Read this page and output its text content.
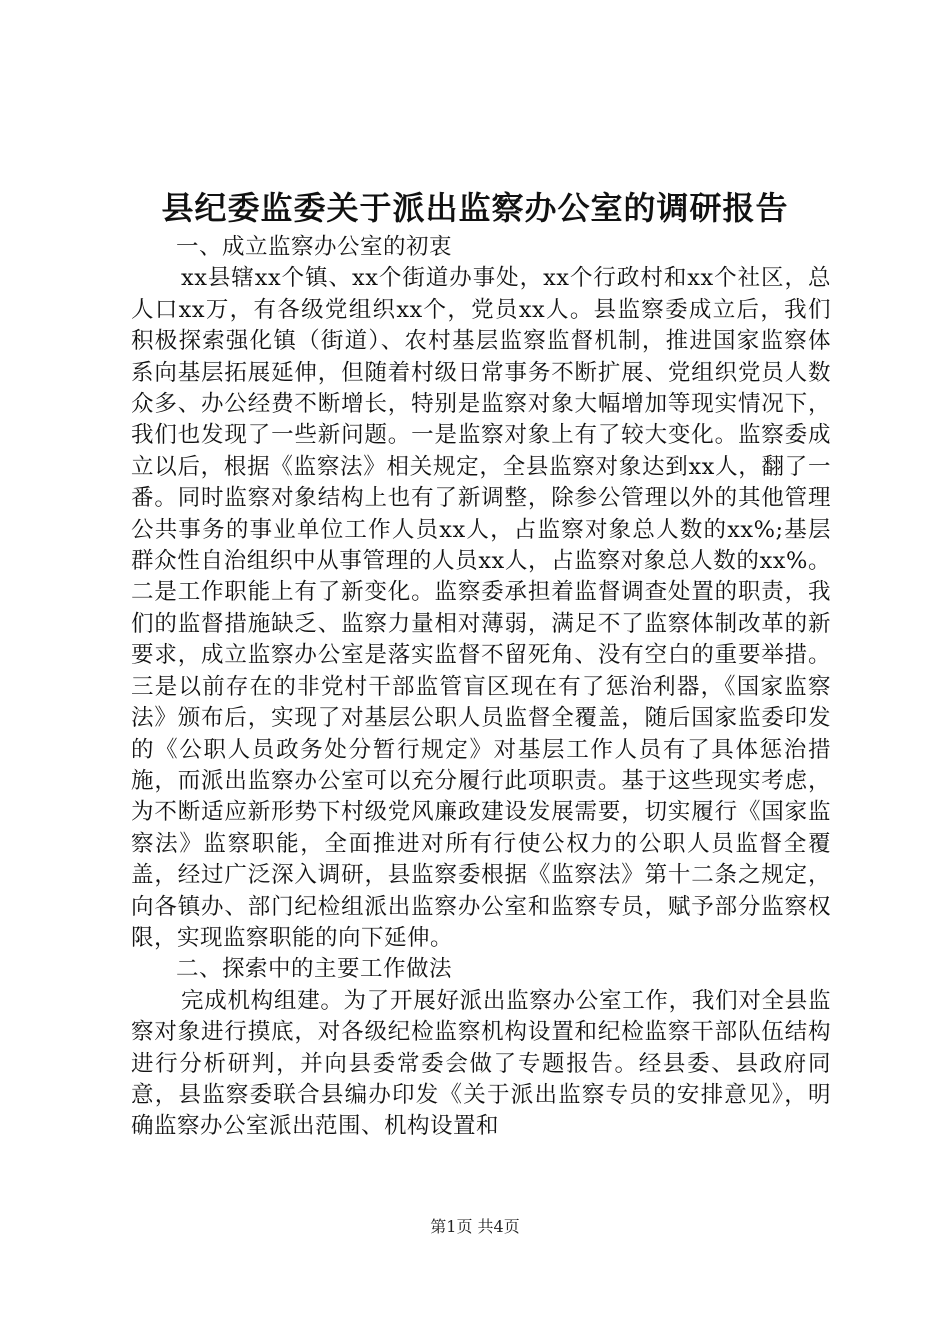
县纪委监委关于派出监察办公室的调研报告

一、成立监察办公室的初衷

xx县辖xx个镇、xx个街道办事处，xx个行政村和xx个社区，总人口xx万，有各级党组织xx个，党员xx人。县监察委成立后，我们积极探索强化镇（街道）、农村基层监察监督机制，推进国家监察体系向基层拓展延伸，但随着村级日常事务不断扩展、党组织党员人数众多、办公经费不断增长，特别是监察对象大幅增加等现实情况下，我们也发现了一些新问题。一是监察对象上有了较大变化。监察委成立以后，根据《监察法》相关规定，全县监察对象达到xx人，翻了一番。同时监察对象结构上也有了新调整，除参公管理以外的其他管理公共事务的事业单位工作人员xx人，占监察对象总人数的xx%;基层群众性自治组织中从事管理的人员xx人，占监察对象总人数的xx%。二是工作职能上有了新变化。监察委承担着监督调查处置的职责，我们的监督措施缺乏、监察力量相对薄弱，满足不了监察体制改革的新要求，成立监察办公室是落实监督不留死角、没有空白的重要举措。三是以前存在的非党村干部监管盲区现在有了惩治利器，《国家监察法》颁布后，实现了对基层公职人员监督全覆盖，随后国家监委印发的《公职人员政务处分暂行规定》对基层工作人员有了具体惩治措施，而派出监察办公室可以充分履行此项职责。基于这些现实考虑，为不断适应新形势下村级党风廉政建设发展需要，切实履行《国家监察法》监察职能，全面推进对所有行使公权力的公职人员监督全覆盖，经过广泛深入调研，县监察委根据《监察法》第十二条之规定，向各镇办、部门纪检组派出监察办公室和监察专员，赋予部分监察权限，实现监察职能的向下延伸。

二、探索中的主要工作做法

完成机构组建。为了开展好派出监察办公室工作，我们对全县监察对象进行摸底，对各级纪检监察机构设置和纪检监察干部队伍结构进行分析研判，并向县委常委会做了专题报告。经县委、县政府同意，县监察委联合县编办印发《关于派出监察专员的安排意见》，明确监察办公室派出范围、机构设置和

第1页 共4页
